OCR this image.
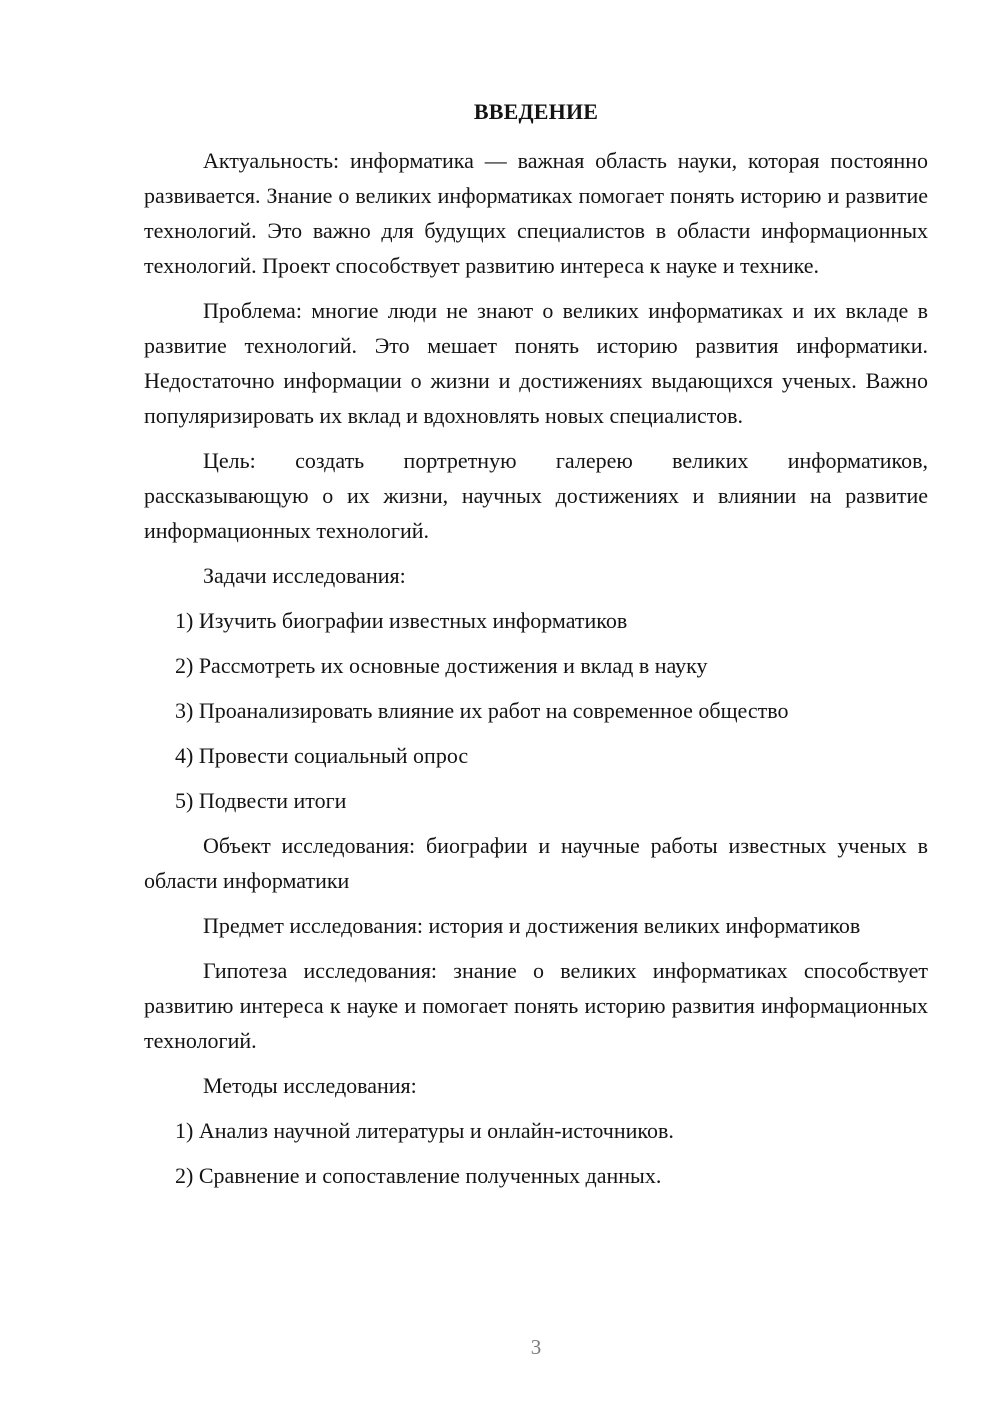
ВВЕДЕНИЕ

Актуальность: информатика — важная область науки, которая постоянно развивается. Знание о великих информатиках помогает понять историю и развитие технологий. Это важно для будущих специалистов в области информационных технологий. Проект способствует развитию интереса к науке и технике.

Проблема: многие люди не знают о великих информатиках и их вкладе в развитие технологий. Это мешает понять историю развития информатики. Недостаточно информации о жизни и достижениях выдающихся ученых. Важно популяризировать их вклад и вдохновлять новых специалистов.

Цель: создать портретную галерею великих информатиков, рассказывающую о их жизни, научных достижениях и влиянии на развитие информационных технологий.

Задачи исследования:

1) Изучить биографии известных информатиков
2) Рассмотреть их основные достижения и вклад в науку
3) Проанализировать влияние их работ на современное общество
4) Провести социальный опрос
5) Подвести итоги

Объект исследования: биографии и научные работы известных ученых в области информатики

Предмет исследования: история и достижения великих информатиков

Гипотеза исследования: знание о великих информатиках способствует развитию интереса к науке и помогает понять историю развития информационных технологий.

Методы исследования:

1) Анализ научной литературы и онлайн-источников.
2) Сравнение и сопоставление полученных данных.
3
